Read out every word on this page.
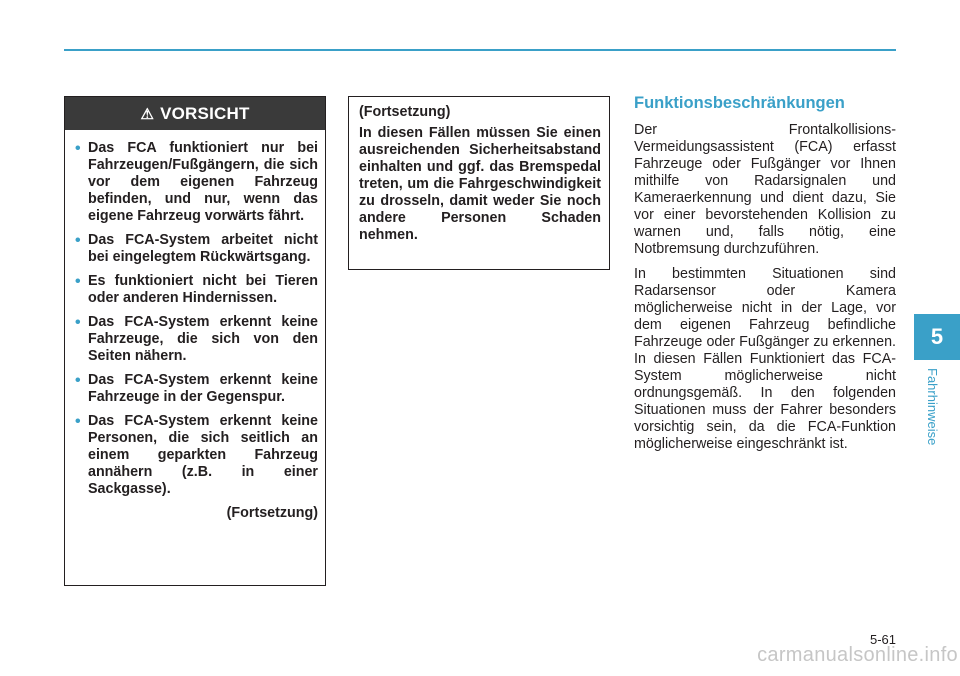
⚠ VORSICHT
• Das FCA funktioniert nur bei Fahrzeugen/Fußgängern, die sich vor dem eigenen Fahrzeug befinden, und nur, wenn das eigene Fahrzeug vorwärts fährt.
• Das FCA-System arbeitet nicht bei eingelegtem Rückwärtsgang.
• Es funktioniert nicht bei Tieren oder anderen Hindernissen.
• Das FCA-System erkennt keine Fahrzeuge, die sich von den Seiten nähern.
• Das FCA-System erkennt keine Fahrzeuge in der Gegenspur.
• Das FCA-System erkennt keine Personen, die sich seitlich an einem geparkten Fahrzeug annähern (z.B. in einer Sackgasse).
(Fortsetzung)
(Fortsetzung)
In diesen Fällen müssen Sie einen ausreichenden Sicherheitsabstand einhalten und ggf. das Bremspedal treten, um die Fahrgeschwindigkeit zu drosseln, damit weder Sie noch andere Personen Schaden nehmen.
Funktionsbeschränkungen

Der Frontalkollisions-Vermeidungsassistent (FCA) erfasst Fahrzeuge oder Fußgänger vor Ihnen mithilfe von Radarsignalen und Kameraerkennung und dient dazu, Sie vor einer bevorstehenden Kollision zu warnen und, falls nötig, eine Notbremsung durchzuführen.

In bestimmten Situationen sind Radarsensor oder Kamera möglicherweise nicht in der Lage, vor dem eigenen Fahrzeug befindliche Fahrzeuge oder Fußgänger zu erkennen. In diesen Fällen Funktioniert das FCA-System möglicherweise nicht ordnungsgemäß. In den folgenden Situationen muss der Fahrer besonders vorsichtig sein, da die FCA-Funktion möglicherweise eingeschränkt ist.

5
Fahrhinweise
5-61
carmanualsonline.info
